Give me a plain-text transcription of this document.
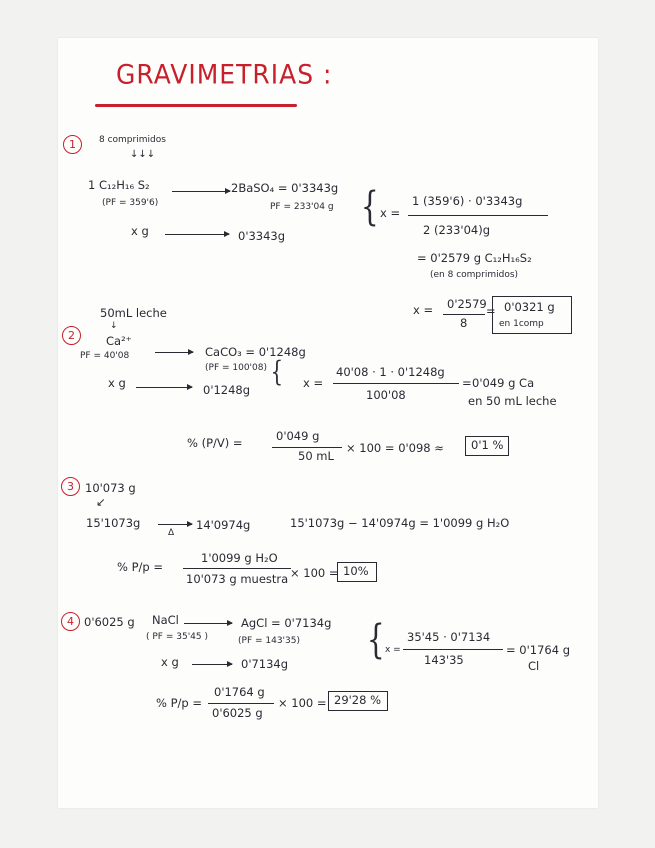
GRAVIMETRIAS :
1	8 comprimidos
↓↓↓
1 C₁₂H₁₆ S₂
(PF = 359'6)
2BaSO₄ = 0'3343g
PF = 233'04 g
x g	0'3343g
{ x =
1 (359'6) · 0'3343g
2 (233'04)g
= 0'2579 g C₁₂H₁₆S₂
(en 8 comprimidos)
x = 0'2579
8
= 0'0321 g
en 1comp
50mL leche
↓
2	Ca²⁺
PF = 40'08	CaCO₃ = 0'1248g
(PF = 100'08)
x g	0'1248g
{ x =
40'08 · 1 · 0'1248g
100'08
= 0'049 g Ca
en 50 mL leche
% (P/V) =	0'049 g
50 mL
× 100 = 0'098 ≈ 0'1 %
3 10'073 g
↙
15'1073g
Δ
14'0974g	15'1073g − 14'0974g = 1'0099 g H₂O
% P/p =
1'0099 g H₂O
10'073 g muestra × 100 = 10%
4 0'6025 g NaCl
( PF = 35'45 )
AgCl = 0'7134g
(PF = 143'35)
x g	0'7134g
{ x =
35'45 · 0'7134
143'35
= 0'1764 g
Cl
% P/p =
0'1764 g
0'6025 g
× 100 = 29'28 %
